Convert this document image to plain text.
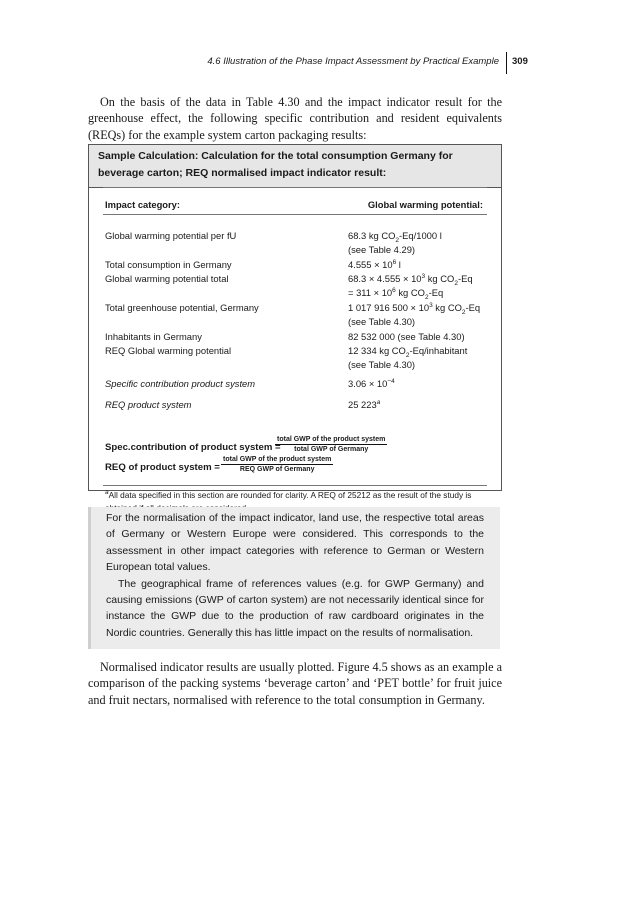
4.6 Illustration of the Phase Impact Assessment by Practical Example 309
On the basis of the data in Table 4.30 and the impact indicator result for the greenhouse effect, the following specific contribution and resident equivalents (REQs) for the example system carton packaging results:
Sample Calculation: Calculation for the total consumption Germany for beverage carton; REQ normalised impact indicator result:
Impact category:	Global warming potential:
Global warming potential per fU	68.3 kg $CO_2-Eq/1000$ l
(see Table 4.29)
Total consumption in Germany	$4.555 \times 10^6$ l
Global warming potential total	$68.3 \times 4.555 \times 10^3$ kg $CO_2-Eq$
= $311 \times 10^6$ kg $CO_2-Eq$
Total greenhouse potential, Germany	1 017 916 $500 \times 10^3$ kg $CO_2-Eq$
(see Table 4.30)
Inhabitants in Germany	82 532 000 (see Table 4.30)
REQ Global warming potential	12 334 kg $CO_2-Eq$/inhabitant
(see Table 4.30)
Specific contribution product system	$3.06 \times 10^{-4}$
REQ product system	25 223$^a$
Spec.contribution of product system =
total GWP of the product system
total GWP of Germany
REQ of product system =
total GWP of the product system
REQ GWP of Germany
$^a$All data specified in this section are rounded for clarity. A REQ of 25212 as the result of the study is

For the normalisation of the impact indicator, land use, the respective total areas of Germany or Western Europe were considered. This corresponds to the assessment in other impact categories with reference to German or Western European total values.

The geographical frame of references values (e.g. for GWP Germany) and causing emissions (GWP of carton system) are not necessarily identical since for instance the GWP due to the production of raw cardboard originates in the Nordic countries. Generally this has little impact on the results of normalisation.

Normalised indicator results are usually plotted. Figure 4.5 shows as an example a comparison of the packing systems ‘beverage carton’ and ‘PET bottle’ for fruit juice and fruit nectars, normalised with reference to the total consumption in Germany.
